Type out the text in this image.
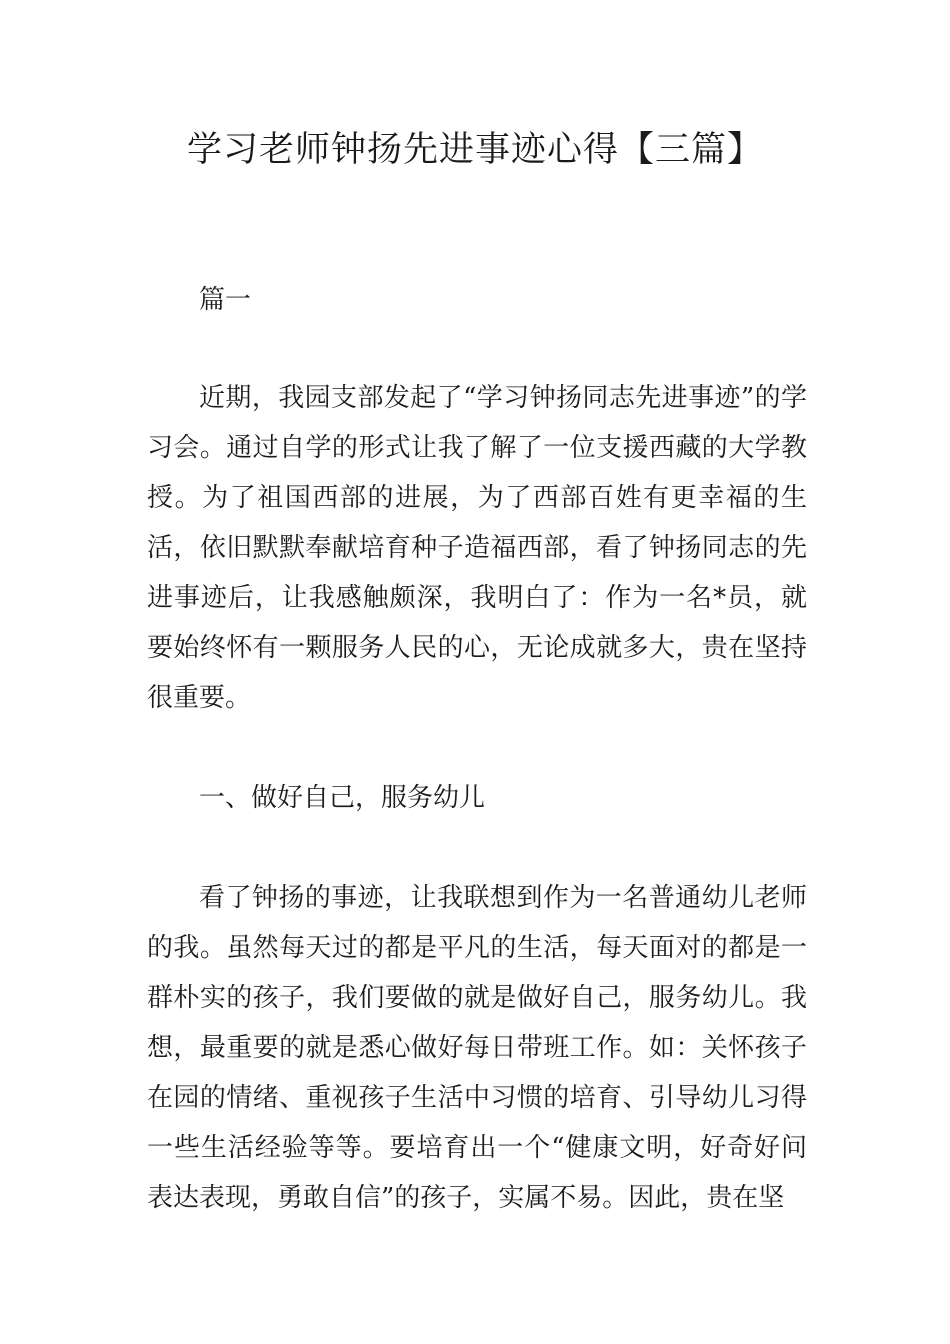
学习老师钟扬先进事迹心得【三篇】

篇一

近期，我园支部发起了“学习钟扬同志先进事迹”的学习会。通过自学的形式让我了解了一位支援西藏的大学教授。为了祖国西部的进展，为了西部百姓有更幸福的生活，依旧默默奉献培育种子造福西部，看了钟扬同志的先进事迹后，让我感触颇深，我明白了：作为一名*员，就要始终怀有一颗服务人民的心，无论成就多大，贵在坚持很重要。

一、做好自己，服务幼儿

看了钟扬的事迹，让我联想到作为一名普通幼儿老师的我。虽然每天过的都是平凡的生活，每天面对的都是一群朴实的孩子，我们要做的就是做好自己，服务幼儿。我想，最重要的就是悉心做好每日带班工作。如：关怀孩子在园的情绪、重视孩子生活中习惯的培育、引导幼儿习得一些生活经验等等。要培育出一个“健康文明，好奇好问表达表现，勇敢自信”的孩子，实属不易。因此，贵在坚
